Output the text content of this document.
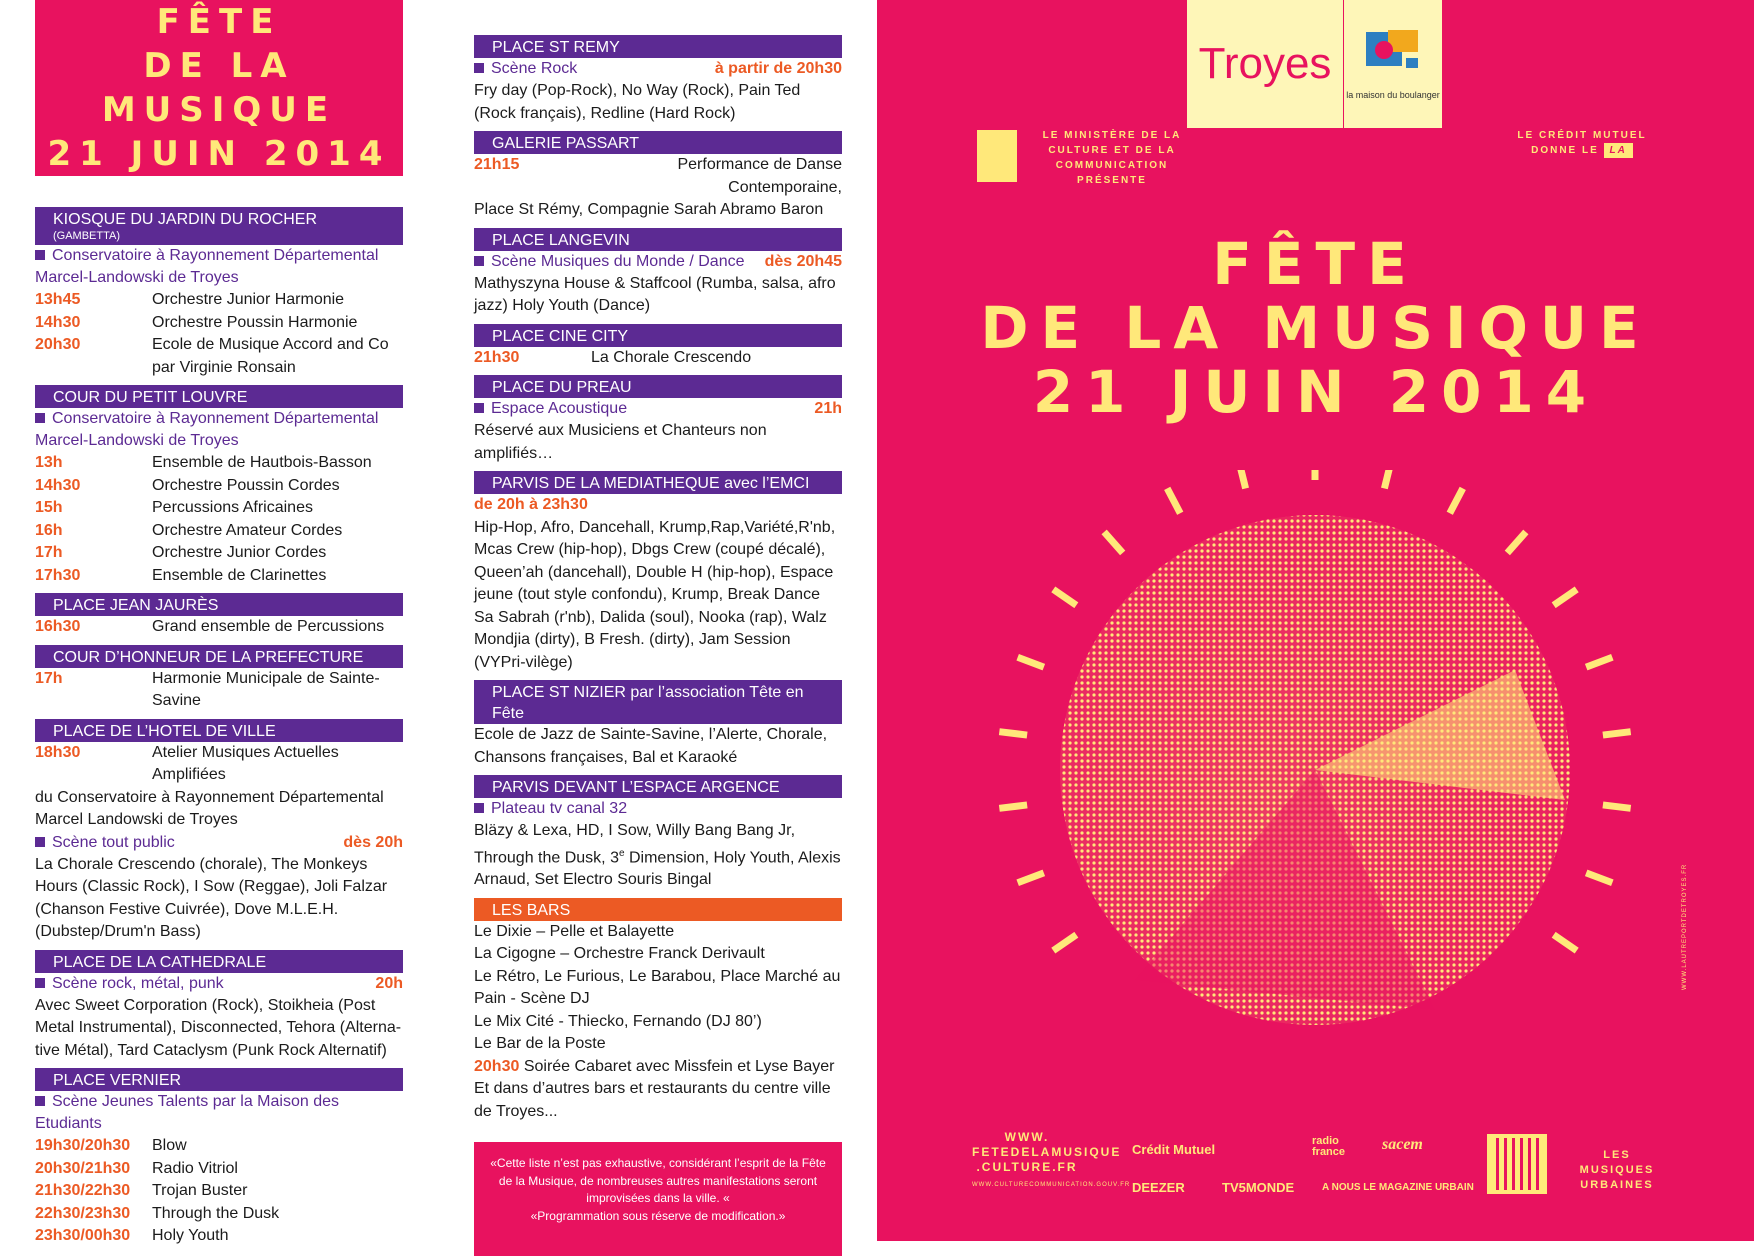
FÊTE
DE LA MUSIQUE
21 JUIN 2014
KIOSQUE DU JARDIN DU ROCHER
(GAMBETTA)
Conservatoire à Rayonnement Départemental
Marcel-Landowski de Troyes
13h45	Orchestre Junior Harmonie
14h30	Orchestre Poussin Harmonie
20h30	Ecole de Musique Accord and Co par Virginie Ronsain
COUR DU PETIT LOUVRE
Conservatoire à Rayonnement Départemental
Marcel-Landowski de Troyes
13h	Ensemble de Hautbois-Basson
14h30	Orchestre Poussin Cordes
15h	Percussions Africaines
16h	Orchestre Amateur Cordes
17h	Orchestre Junior Cordes
17h30	Ensemble de Clarinettes
PLACE JEAN JAURÈS
16h30	Grand ensemble de Percussions
COUR D’HONNEUR DE LA PREFECTURE
17h	Harmonie Municipale de Sainte-Savine
PLACE DE L’HOTEL DE VILLE
18h30	Atelier Musiques Actuelles Amplifiées
du Conservatoire à Rayonnement Départemental Marcel Landowski de Troyes
Scène tout public	dès 20h
La Chorale Crescendo (chorale), The Monkeys Hours (Classic Rock), I Sow (Reggae), Joli Falzar (Chanson Festive Cuivrée), Dove M.L.E.H. (Dubstep/Drum'n Bass)
PLACE DE LA CATHEDRALE
Scène rock, métal, punk	20h
Avec Sweet Corporation (Rock), Stoikheia (Post Metal Instrumental), Disconnected, Tehora (Alterna-tive Métal), Tard Cataclysm (Punk Rock Alternatif)
PLACE VERNIER
Scène Jeunes Talents par la Maison des Etudiants
19h30/20h30	Blow
20h30/21h30	Radio Vitriol
21h30/22h30	Trojan Buster
22h30/23h30	Through the Dusk
23h30/00h30	Holy Youth
PLACE ST REMY
Scène Rock	à partir de 20h30
Fry day (Pop-Rock), No Way (Rock), Pain Ted (Rock français), Redline (Hard Rock)
GALERIE PASSART
21h15	Performance de Danse Contemporaine,
Place St Rémy, Compagnie Sarah Abramo Baron
PLACE LANGEVIN
Scène Musiques du Monde / Dance dès 20h45
Mathyszyna House & Staffcool (Rumba, salsa, afro jazz) Holy Youth (Dance)
PLACE CINE CITY
21h30	La Chorale Crescendo
PLACE DU PREAU
Espace Acoustique	21h
Réservé aux Musiciens et Chanteurs non amplifiés…
PARVIS DE LA MEDIATHEQUE avec l’EMCI
de 20h à 23h30
Hip-Hop, Afro, Dancehall, Krump,Rap,Variété,R'nb, Mcas Crew (hip-hop), Dbgs Crew (coupé décalé), Queen’ah (dancehall), Double H (hip-hop), Espace jeune (tout style confondu), Krump, Break Dance Sa Sabrah (r'nb), Dalida (soul), Nooka (rap), Walz Mondjia (dirty), B Fresh. (dirty), Jam Session (VYPri-vilège)
PLACE ST NIZIER par l’association Tête en Fête
Ecole de Jazz de Sainte-Savine, l’Alerte, Chorale, Chansons françaises, Bal et Karaoké
PARVIS DEVANT L’ESPACE ARGENCE
Plateau tv canal 32
Bläzy & Lexa, HD, I Sow, Willy Bang Bang Jr, Through the Dusk, 3e Dimension, Holy Youth, Alexis Arnaud, Set Electro Souris Bingal
LES BARS
Le Dixie – Pelle et Balayette
La Cigogne – Orchestre Franck Derivault
Le Rétro, Le Furious, Le Barabou, Place Marché au Pain - Scène DJ
Le Mix Cité - Thiecko, Fernando (DJ 80’)
Le Bar de la Poste
20h30 Soirée Cabaret avec Missfein et Lyse Bayer
Et dans d’autres bars et restaurants du centre ville de Troyes...
«Cette liste n’est pas exhaustive, considérant l’esprit de la Fête de la Musique, de nombreuses autres manifestations seront improvisées dans la ville. «
«Programmation sous réserve de modification.»
Troyes
la maison du boulanger
LE MINISTÈRE DE LA CULTURE ET DE LA COMMUNICATION PRÉSENTE
LE CRÉDIT MUTUEL DONNE LE LA
FÊTE
DE LA MUSIQUE
21 JUIN 2014
WWW. FETEDELAMUSIQUE .CULTURE.FR
WWW.CULTURECOMMUNICATION.GOUV.FR
Crédit Mutuel
radio france	sacem
DEEZER	TV5MONDE	A NOUS LE MAGAZINE URBAIN
LES MUSIQUES URBAINES
WWW.LAUTREPORTDETROYES.FR
